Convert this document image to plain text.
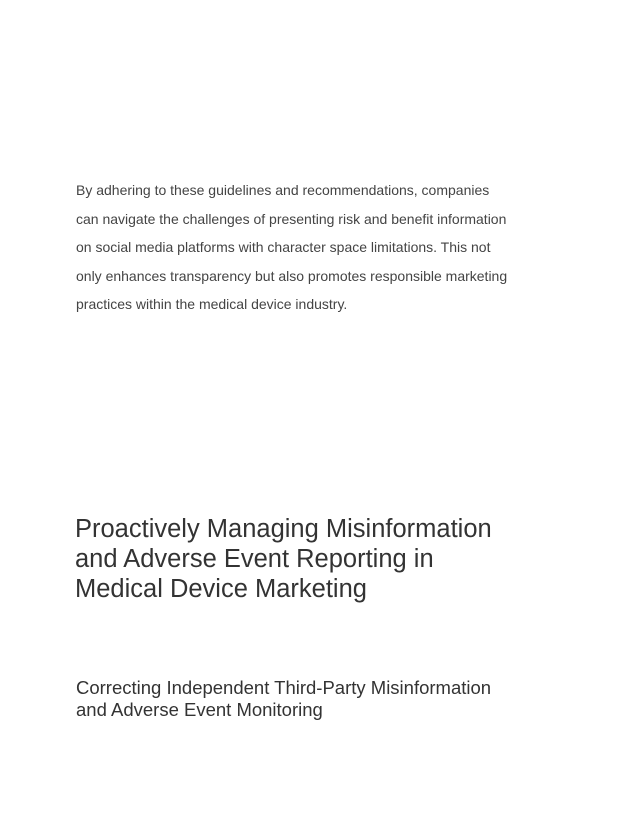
By adhering to these guidelines and recommendations, companies
can navigate the challenges of presenting risk and benefit information
on social media platforms with character space limitations. This not
only enhances transparency but also promotes responsible marketing
practices within the medical device industry.

Proactively Managing Misinformation
and Adverse Event Reporting in
Medical Device Marketing
Correcting Independent Third-Party Misinformation
and Adverse Event Monitoring
